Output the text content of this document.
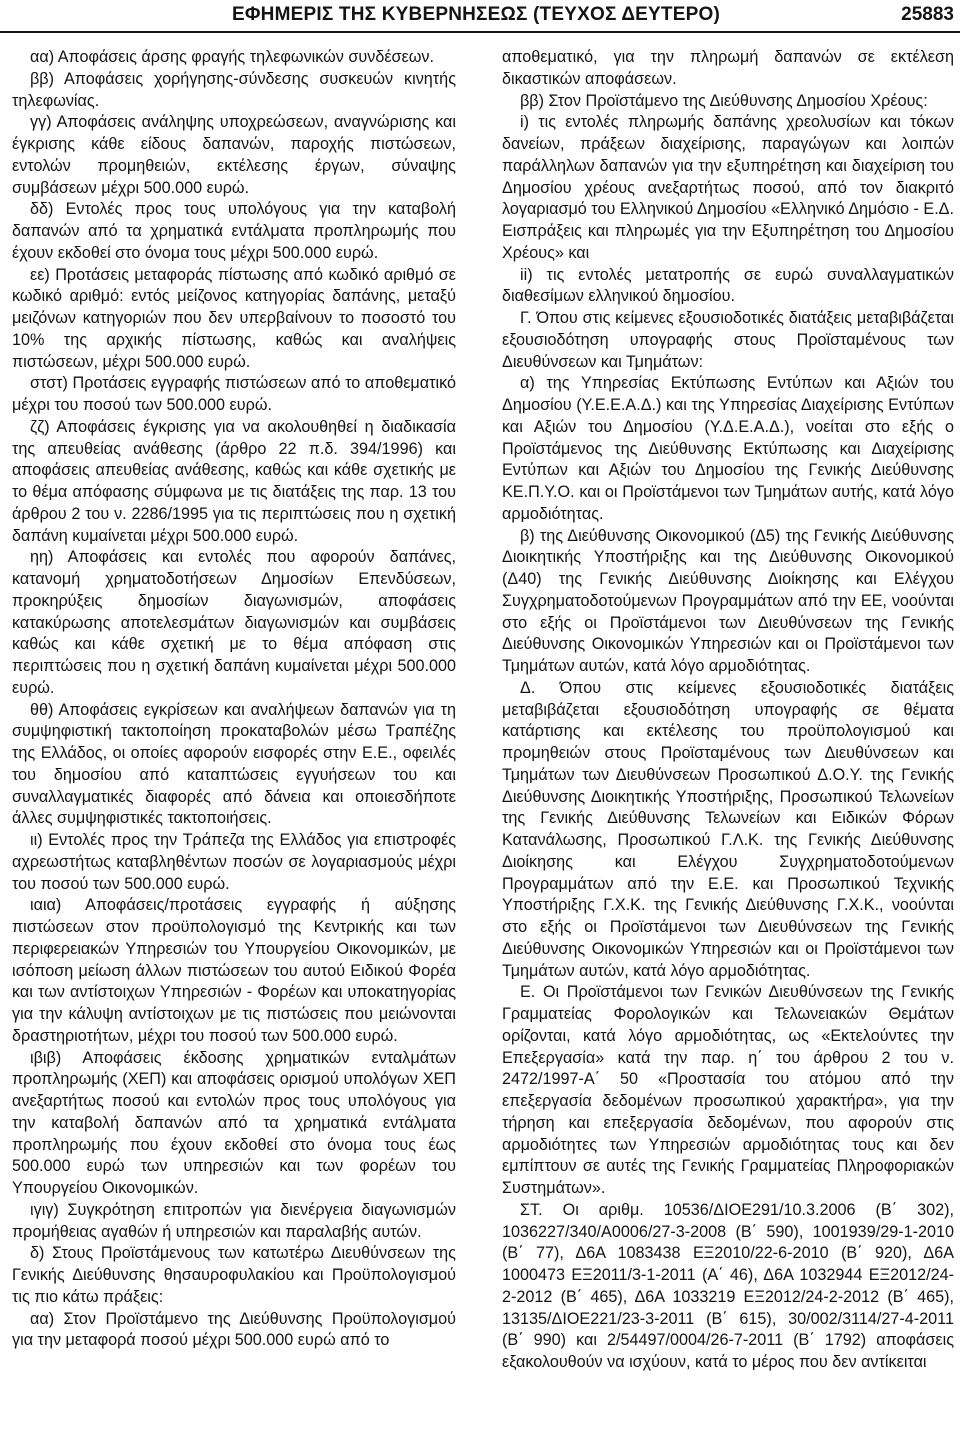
ΕΦΗΜΕΡΙΣ ΤΗΣ ΚΥΒΕΡΝΗΣΕΩΣ (ΤΕΥΧΟΣ ΔΕΥΤΕΡΟ)	25883

αα) Αποφάσεις άρσης φραγής τηλεφωνικών συνδέσεων.

ββ) Αποφάσεις χορήγησης-σύνδεσης συσκευών κινητής τηλεφωνίας.

γγ) Αποφάσεις ανάληψης υποχρεώσεων, αναγνώρισης και έγκρισης κάθε είδους δαπανών, παροχής πιστώσεων, εντολών προμηθειών, εκτέλεσης έργων, σύναψης συμβάσεων μέχρι 500.000 ευρώ.

δδ) Εντολές προς τους υπολόγους για την καταβολή δαπανών από τα χρηματικά εντάλματα προπληρωμής που έχουν εκδοθεί στο όνομα τους μέχρι 500.000 ευρώ.

εε) Προτάσεις μεταφοράς πίστωσης από κωδικό αριθμό σε κωδικό αριθμό: εντός μείζονος κατηγορίας δαπάνης, μεταξύ μειζόνων κατηγοριών που δεν υπερβαίνουν το ποσοστό του 10% της αρχικής πίστωσης, καθώς και αναλήψεις πιστώσεων, μέχρι 500.000 ευρώ.

στστ) Προτάσεις εγγραφής πιστώσεων από το αποθεματικό μέχρι του ποσού των 500.000 ευρώ.

ζζ) Αποφάσεις έγκρισης για να ακολουθηθεί η διαδικασία της απευθείας ανάθεσης (άρθρο 22 π.δ. 394/1996) και αποφάσεις απευθείας ανάθεσης, καθώς και κάθε σχετικής με το θέμα απόφασης σύμφωνα με τις διατάξεις της παρ. 13 του άρθρου 2 του ν. 2286/1995 για τις περιπτώσεις που η σχετική δαπάνη κυμαίνεται μέχρι 500.000 ευρώ.

ηη) Αποφάσεις και εντολές που αφορούν δαπάνες, κατανομή χρηματοδοτήσεων Δημοσίων Επενδύσεων, προκηρύξεις δημοσίων διαγωνισμών, αποφάσεις κατακύρωσης αποτελεσμάτων διαγωνισμών και συμβάσεις καθώς και κάθε σχετική με το θέμα απόφαση στις περιπτώσεις που η σχετική δαπάνη κυμαίνεται μέχρι 500.000 ευρώ.

θθ) Αποφάσεις εγκρίσεων και αναλήψεων δαπανών για τη συμψηφιστική τακτοποίηση προκαταβολών μέσω Τραπέζης της Ελλάδος, οι οποίες αφορούν εισφορές στην Ε.Ε., οφειλές του δημοσίου από καταπτώσεις εγγυήσεων του και συναλλαγματικές διαφορές από δάνεια και οποιεσδήποτε άλλες συμψηφιστικές τακτοποιήσεις.

ιι) Εντολές προς την Τράπεζα της Ελλάδος για επιστροφές αχρεωστήτως καταβληθέντων ποσών σε λογαριασμούς μέχρι του ποσού των 500.000 ευρώ.

ιαια) Αποφάσεις/προτάσεις εγγραφής ή αύξησης πιστώσεων στον προϋπολογισμό της Κεντρικής και των περιφερειακών Υπηρεσιών του Υπουργείου Οικονομικών, με ισόποση μείωση άλλων πιστώσεων του αυτού Ειδικού Φορέα και των αντίστοιχων Υπηρεσιών - Φορέων και υποκατηγορίας για την κάλυψη αντίστοιχων με τις πιστώσεις που μειώνονται δραστηριοτήτων, μέχρι του ποσού των 500.000 ευρώ.

ιβιβ) Αποφάσεις έκδοσης χρηματικών ενταλμάτων προπληρωμής (ΧΕΠ) και αποφάσεις ορισμού υπολόγων ΧΕΠ ανεξαρτήτως ποσού και εντολών προς τους υπολόγους για την καταβολή δαπανών από τα χρηματικά εντάλματα προπληρωμής που έχουν εκδοθεί στο όνομα τους έως 500.000 ευρώ των υπηρεσιών και των φορέων του Υπουργείου Οικονομικών.

ιγιγ) Συγκρότηση επιτροπών για διενέργεια διαγωνισμών προμήθειας αγαθών ή υπηρεσιών και παραλαβής αυτών.

δ) Στους Προϊστάμενους των κατωτέρω Διευθύνσεων της Γενικής Διεύθυνσης θησαυροφυλακίου και Προϋπολογισμού τις πιο κάτω πράξεις:

αα) Στον Προϊστάμενο της Διεύθυνσης Προϋπολογισμού για την μεταφορά ποσού μέχρι 500.000 ευρώ από το

αποθεματικό, για την πληρωμή δαπανών σε εκτέλεση δικαστικών αποφάσεων.

ββ) Στον Προϊστάμενο της Διεύθυνσης Δημοσίου Χρέους:

i) τις εντολές πληρωμής δαπάνης χρεολυσίων και τόκων δανείων, πράξεων διαχείρισης, παραγώγων και λοιπών παράλληλων δαπανών για την εξυπηρέτηση και διαχείριση του Δημοσίου χρέους ανεξαρτήτως ποσού, από τον διακριτό λογαριασμό του Ελληνικού Δημοσίου «Ελληνικό Δημόσιο - Ε.Δ. Εισπράξεις και πληρωμές για την Εξυπηρέτηση του Δημοσίου Χρέους» και

ii) τις εντολές μετατροπής σε ευρώ συναλλαγματικών διαθεσίμων ελληνικού δημοσίου.

Γ. Όπου στις κείμενες εξουσιοδοτικές διατάξεις μεταβιβάζεται εξουσιοδότηση υπογραφής στους Προϊσταμένους των Διευθύνσεων και Τμημάτων:

α) της Υπηρεσίας Εκτύπωσης Εντύπων και Αξιών του Δημοσίου (Υ.Ε.Ε.Α.Δ.) και της Υπηρεσίας Διαχείρισης Εντύπων και Αξιών του Δημοσίου (Υ.Δ.Ε.Α.Δ.), νοείται στο εξής ο Προϊστάμενος της Διεύθυνσης Εκτύπωσης και Διαχείρισης Εντύπων και Αξιών του Δημοσίου της Γενικής Διεύθυνσης ΚΕ.Π.Υ.Ο. και οι Προϊστάμενοι των Τμημάτων αυτής, κατά λόγο αρμοδιότητας.

β) της Διεύθυνσης Οικονομικού (Δ5) της Γενικής Διεύθυνσης Διοικητικής Υποστήριξης και της Διεύθυνσης Οικονομικού (Δ40) της Γενικής Διεύθυνσης Διοίκησης και Ελέγχου Συγχρηματοδοτούμενων Προγραμμάτων από την ΕΕ, νοούνται στο εξής οι Προϊστάμενοι των Διευθύνσεων της Γενικής Διεύθυνσης Οικονομικών Υπηρεσιών και οι Προϊστάμενοι των Τμημάτων αυτών, κατά λόγο αρμοδιότητας.

Δ. Όπου στις κείμενες εξουσιοδοτικές διατάξεις μεταβιβάζεται εξουσιοδότηση υπογραφής σε θέματα κατάρτισης και εκτέλεσης του προϋπολογισμού και προμηθειών στους Προϊσταμένους των Διευθύνσεων και Τμημάτων των Διευθύνσεων Προσωπικού Δ.Ο.Υ. της Γενικής Διεύθυνσης Διοικητικής Υποστήριξης, Προσωπικού Τελωνείων της Γενικής Διεύθυνσης Τελωνείων και Ειδικών Φόρων Κατανάλωσης, Προσωπικού Γ.Λ.Κ. της Γενικής Διεύθυνσης Διοίκησης και Ελέγχου Συγχρηματοδοτούμενων Προγραμμάτων από την Ε.Ε. και Προσωπικού Τεχνικής Υποστήριξης Γ.Χ.Κ. της Γενικής Διεύθυνσης Γ.Χ.Κ., νοούνται στο εξής οι Προϊστάμενοι των Διευθύνσεων της Γενικής Διεύθυνσης Οικονομικών Υπηρεσιών και οι Προϊστάμενοι των Τμημάτων αυτών, κατά λόγο αρμοδιότητας.

Ε. Οι Προϊστάμενοι των Γενικών Διευθύνσεων της Γενικής Γραμματείας Φορολογικών και Τελωνειακών Θεμάτων ορίζονται, κατά λόγο αρμοδιότητας, ως «Εκτελούντες την Επεξεργασία» κατά την παρ. η΄ του άρθρου 2 του ν. 2472/1997-Α΄ 50 «Προστασία του ατόμου από την επεξεργασία δεδομένων προσωπικού χαρακτήρα», για την τήρηση και επεξεργασία δεδομένων, που αφορούν στις αρμοδιότητες των Υπηρεσιών αρμοδιότητας τους και δεν εμπίπτουν σε αυτές της Γενικής Γραμματείας Πληροφοριακών Συστημάτων».

ΣΤ. Οι αριθμ. 10536/ΔΙΟΕ291/10.3.2006 (Β΄ 302), 1036227/340/Α0006/27-3-2008 (Β΄ 590), 1001939/29-1-2010 (Β΄ 77), Δ6Α 1083438 ΕΞ2010/22-6-2010 (Β΄ 920), Δ6Α 1000473 ΕΞ2011/3-1-2011 (Α΄ 46), Δ6Α 1032944 ΕΞ2012/24-2-2012 (Β΄ 465), Δ6Α 1033219 ΕΞ2012/24-2-2012 (Β΄ 465), 13135/ΔΙΟΕ221/23-3-2011 (Β΄ 615), 30/002/3114/27-4-2011 (Β΄ 990) και 2/54497/0004/26-7-2011 (Β΄ 1792) αποφάσεις εξακολουθούν να ισχύουν, κατά το μέρος που δεν αντίκειται
